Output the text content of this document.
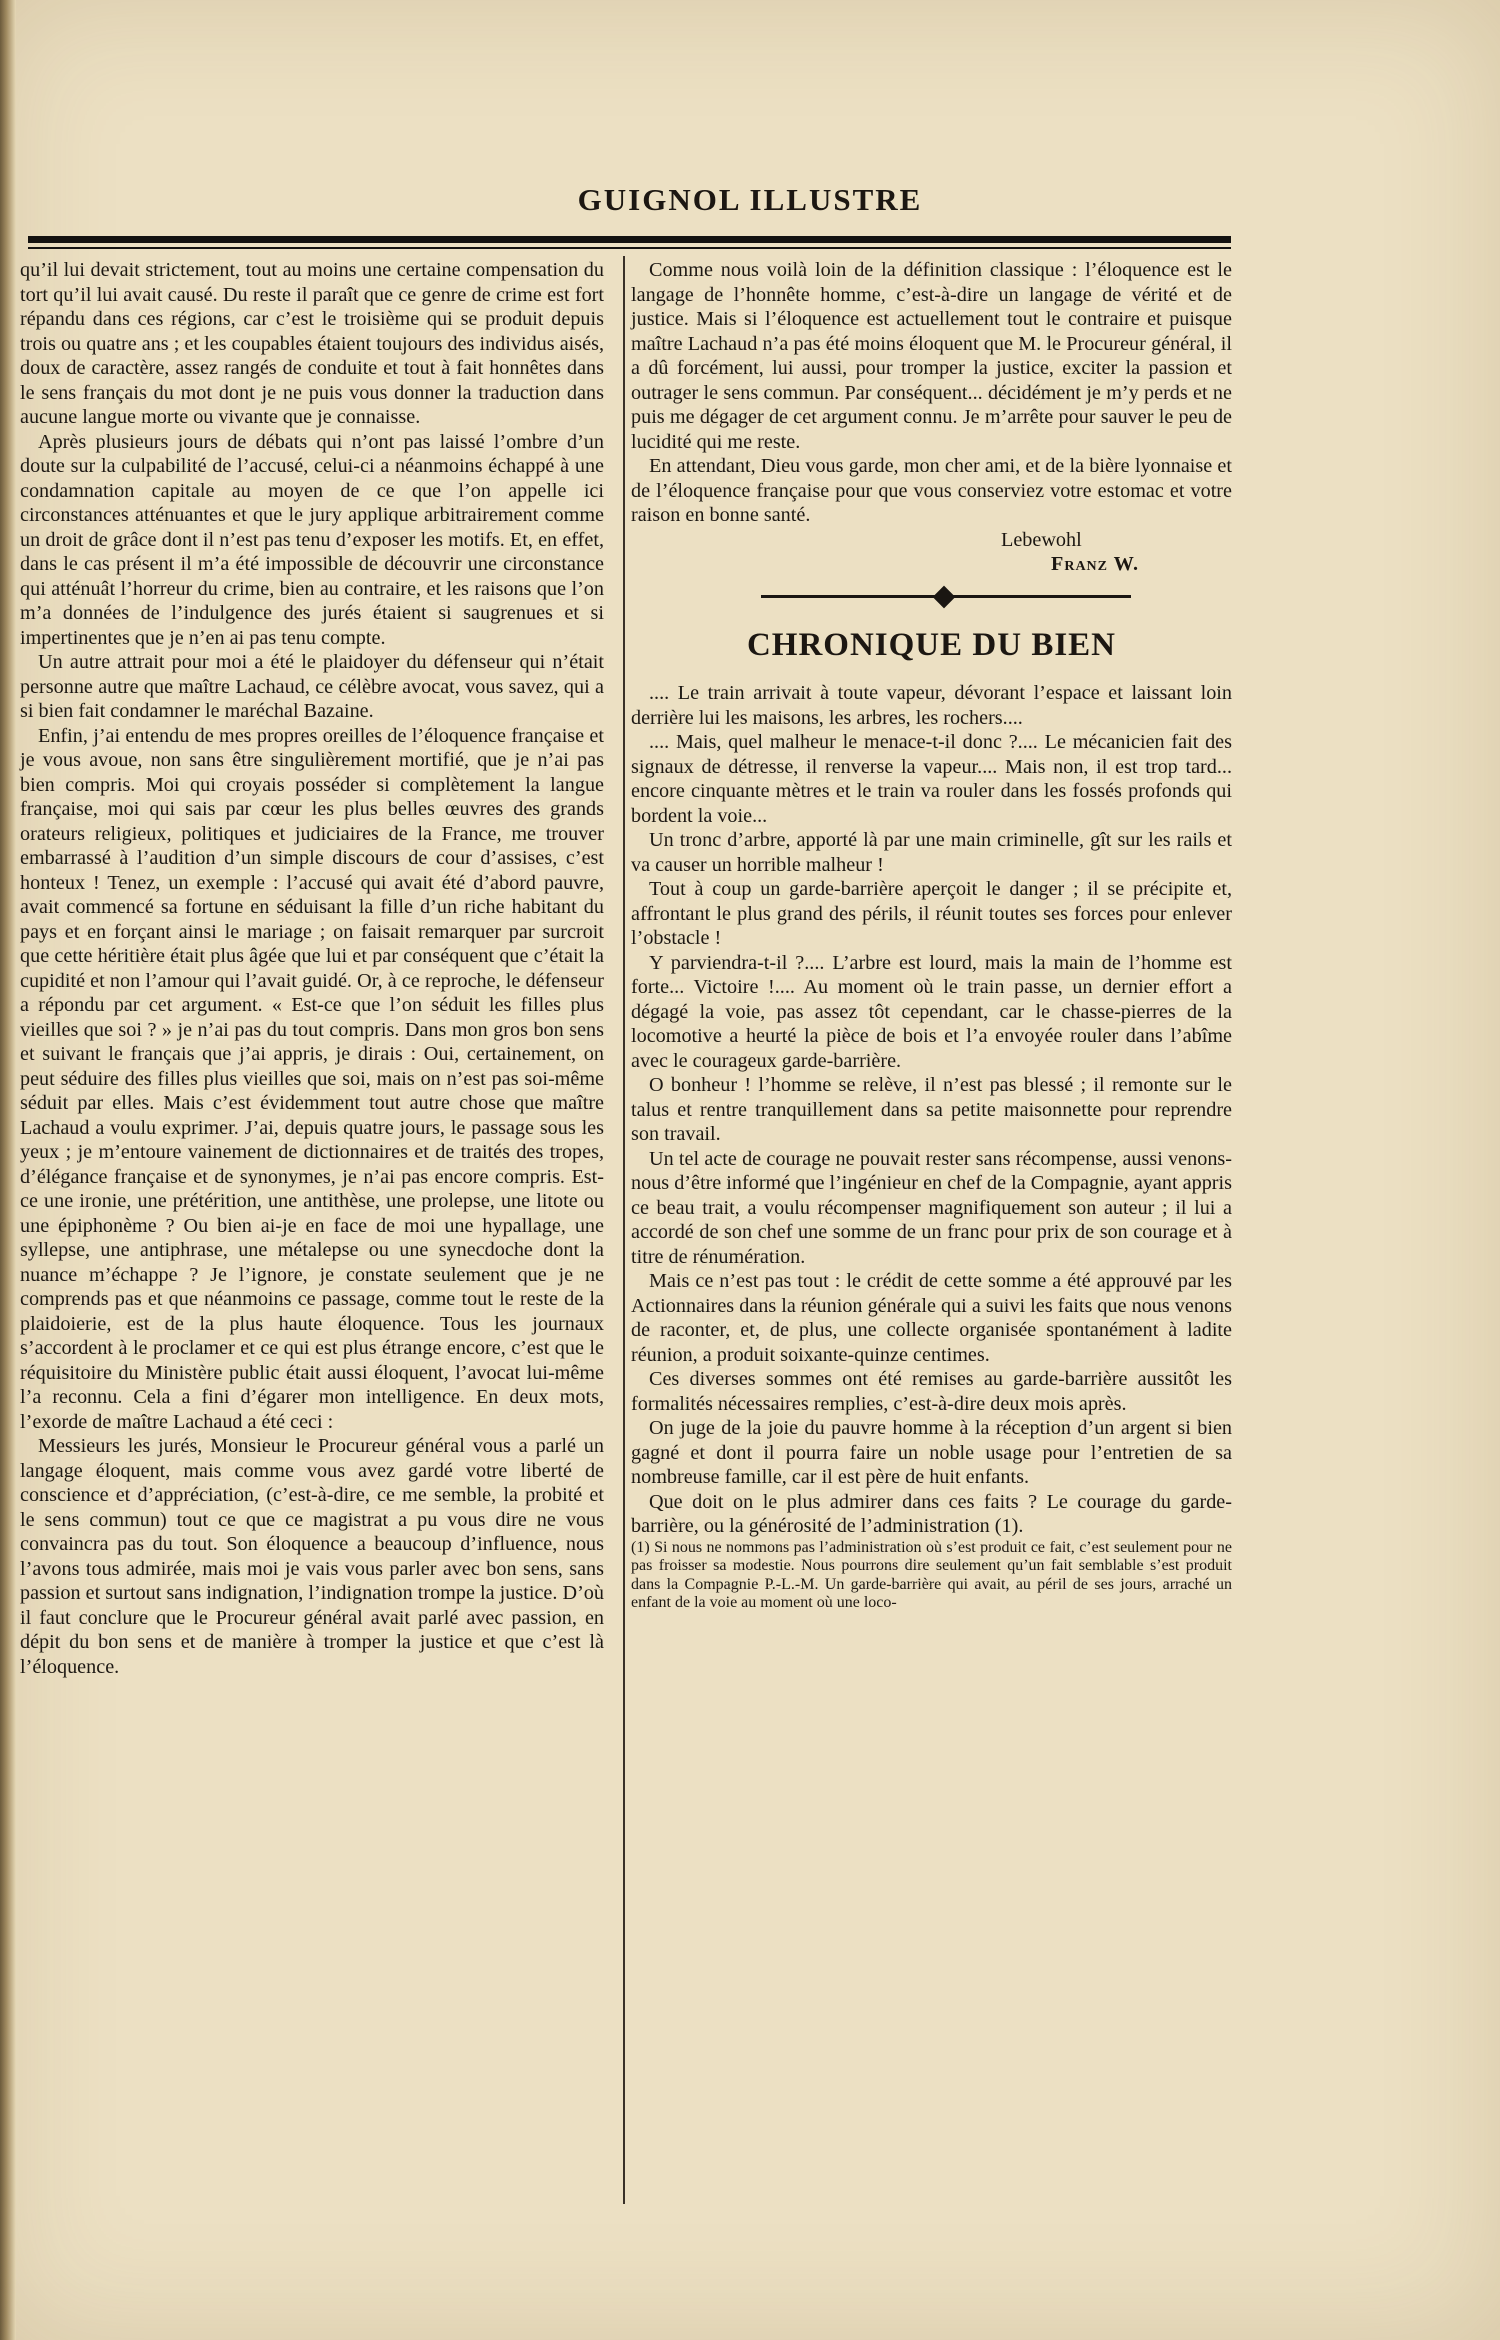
GUIGNOL ILLUSTRE

qu’il lui devait strictement, tout au moins une certaine compensation du tort qu’il lui avait causé. Du reste il paraît que ce genre de crime est fort répandu dans ces régions, car c’est le troisième qui se produit depuis trois ou quatre ans ; et les coupables étaient toujours des individus aisés, doux de caractère, assez rangés de conduite et tout à fait honnêtes dans le sens français du mot dont je ne puis vous donner la traduction dans aucune langue morte ou vivante que je connaisse.

Après plusieurs jours de débats qui n’ont pas laissé l’ombre d’un doute sur la culpabilité de l’accusé, celui-ci a néanmoins échappé à une condamnation capitale au moyen de ce que l’on appelle ici circonstances atténuantes et que le jury applique arbitrairement comme un droit de grâce dont il n’est pas tenu d’exposer les motifs. Et, en effet, dans le cas présent il m’a été impossible de découvrir une circonstance qui atténuât l’horreur du crime, bien au contraire, et les raisons que l’on m’a données de l’indulgence des jurés étaient si saugrenues et si impertinentes que je n’en ai pas tenu compte.

Un autre attrait pour moi a été le plaidoyer du défenseur qui n’était personne autre que maître Lachaud, ce célèbre avocat, vous savez, qui a si bien fait condamner le maréchal Bazaine.

Enfin, j’ai entendu de mes propres oreilles de l’éloquence française et je vous avoue, non sans être singulièrement mortifié, que je n’ai pas bien compris. Moi qui croyais posséder si complètement la langue française, moi qui sais par cœur les plus belles œuvres des grands orateurs religieux, politiques et judiciaires de la France, me trouver embarrassé à l’audition d’un simple discours de cour d’assises, c’est honteux ! Tenez, un exemple : l’accusé qui avait été d’abord pauvre, avait commencé sa fortune en séduisant la fille d’un riche habitant du pays et en forçant ainsi le mariage ; on faisait remarquer par surcroit que cette héritière était plus âgée que lui et par conséquent que c’était la cupidité et non l’amour qui l’avait guidé. Or, à ce reproche, le défenseur a répondu par cet argument. « Est-ce que l’on séduit les filles plus vieilles que soi ? » je n’ai pas du tout compris. Dans mon gros bon sens et suivant le français que j’ai appris, je dirais : Oui, certainement, on peut séduire des filles plus vieilles que soi, mais on n’est pas soi-même séduit par elles. Mais c’est évidemment tout autre chose que maître Lachaud a voulu exprimer. J’ai, depuis quatre jours, le passage sous les yeux ; je m’entoure vainement de dictionnaires et de traités des tropes, d’élégance française et de synonymes, je n’ai pas encore compris. Est-ce une ironie, une prétérition, une antithèse, une prolepse, une litote ou une épiphonème ? Ou bien ai-je en face de moi une hypallage, une syllepse, une antiphrase, une métalepse ou une synecdoche dont la nuance m’échappe ? Je l’ignore, je constate seulement que je ne comprends pas et que néanmoins ce passage, comme tout le reste de la plaidoierie, est de la plus haute éloquence. Tous les journaux s’accordent à le proclamer et ce qui est plus étrange encore, c’est que le réquisitoire du Ministère public était aussi éloquent, l’avocat lui-même l’a reconnu. Cela a fini d’égarer mon intelligence. En deux mots, l’exorde de maître Lachaud a été ceci :

Messieurs les jurés, Monsieur le Procureur général vous a parlé un langage éloquent, mais comme vous avez gardé votre liberté de conscience et d’appréciation, (c’est-à-dire, ce me semble, la probité et le sens commun) tout ce que ce magistrat a pu vous dire ne vous convaincra pas du tout. Son éloquence a beaucoup d’influence, nous l’avons tous admirée, mais moi je vais vous parler avec bon sens, sans passion et surtout sans indignation, l’indignation trompe la justice. D’où il faut conclure que le Procureur général avait parlé avec passion, en dépit du bon sens et de manière à tromper la justice et que c’est là l’éloquence.

Comme nous voilà loin de la définition classique : l’éloquence est le langage de l’honnête homme, c’est-à-dire un langage de vérité et de justice. Mais si l’éloquence est actuellement tout le contraire et puisque maître Lachaud n’a pas été moins éloquent que M. le Procureur général, il a dû forcément, lui aussi, pour tromper la justice, exciter la passion et outrager le sens commun. Par conséquent... décidément je m’y perds et ne puis me dégager de cet argument connu. Je m’arrête pour sauver le peu de lucidité qui me reste.

En attendant, Dieu vous garde, mon cher ami, et de la bière lyonnaise et de l’éloquence française pour que vous conserviez votre estomac et votre raison en bonne santé.

Lebewohl

Franz W.

CHRONIQUE DU BIEN

.... Le train arrivait à toute vapeur, dévorant l’espace et laissant loin derrière lui les maisons, les arbres, les rochers....

.... Mais, quel malheur le menace-t-il donc ?.... Le mécanicien fait des signaux de détresse, il renverse la vapeur.... Mais non, il est trop tard... encore cinquante mètres et le train va rouler dans les fossés profonds qui bordent la voie...

Un tronc d’arbre, apporté là par une main criminelle, gît sur les rails et va causer un horrible malheur !

Tout à coup un garde-barrière aperçoit le danger ; il se précipite et, affrontant le plus grand des périls, il réunit toutes ses forces pour enlever l’obstacle !

Y parviendra-t-il ?.... L’arbre est lourd, mais la main de l’homme est forte... Victoire !.... Au moment où le train passe, un dernier effort a dégagé la voie, pas assez tôt cependant, car le chasse-pierres de la locomotive a heurté la pièce de bois et l’a envoyée rouler dans l’abîme avec le courageux garde-barrière.

O bonheur ! l’homme se relève, il n’est pas blessé ; il remonte sur le talus et rentre tranquillement dans sa petite maisonnette pour reprendre son travail.

Un tel acte de courage ne pouvait rester sans récompense, aussi venons-nous d’être informé que l’ingénieur en chef de la Compagnie, ayant appris ce beau trait, a voulu récompenser magnifiquement son auteur ; il lui a accordé de son chef une somme de un franc pour prix de son courage et à titre de rénumération.

Mais ce n’est pas tout : le crédit de cette somme a été approuvé par les Actionnaires dans la réunion générale qui a suivi les faits que nous venons de raconter, et, de plus, une collecte organisée spontanément à ladite réunion, a produit soixante-quinze centimes.

Ces diverses sommes ont été remises au garde-barrière aussitôt les formalités nécessaires remplies, c’est-à-dire deux mois après.

On juge de la joie du pauvre homme à la réception d’un argent si bien gagné et dont il pourra faire un noble usage pour l’entretien de sa nombreuse famille, car il est père de huit enfants.

Que doit on le plus admirer dans ces faits ? Le courage du garde-barrière, ou la générosité de l’administration (1).

(1) Si nous ne nommons pas l’administration où s’est produit ce fait, c’est seulement pour ne pas froisser sa modestie. Nous pourrons dire seulement qu’un fait semblable s’est produit dans la Compagnie P.-L.-M. Un garde-barrière qui avait, au péril de ses jours, arraché un enfant de la voie au moment où une loco-
